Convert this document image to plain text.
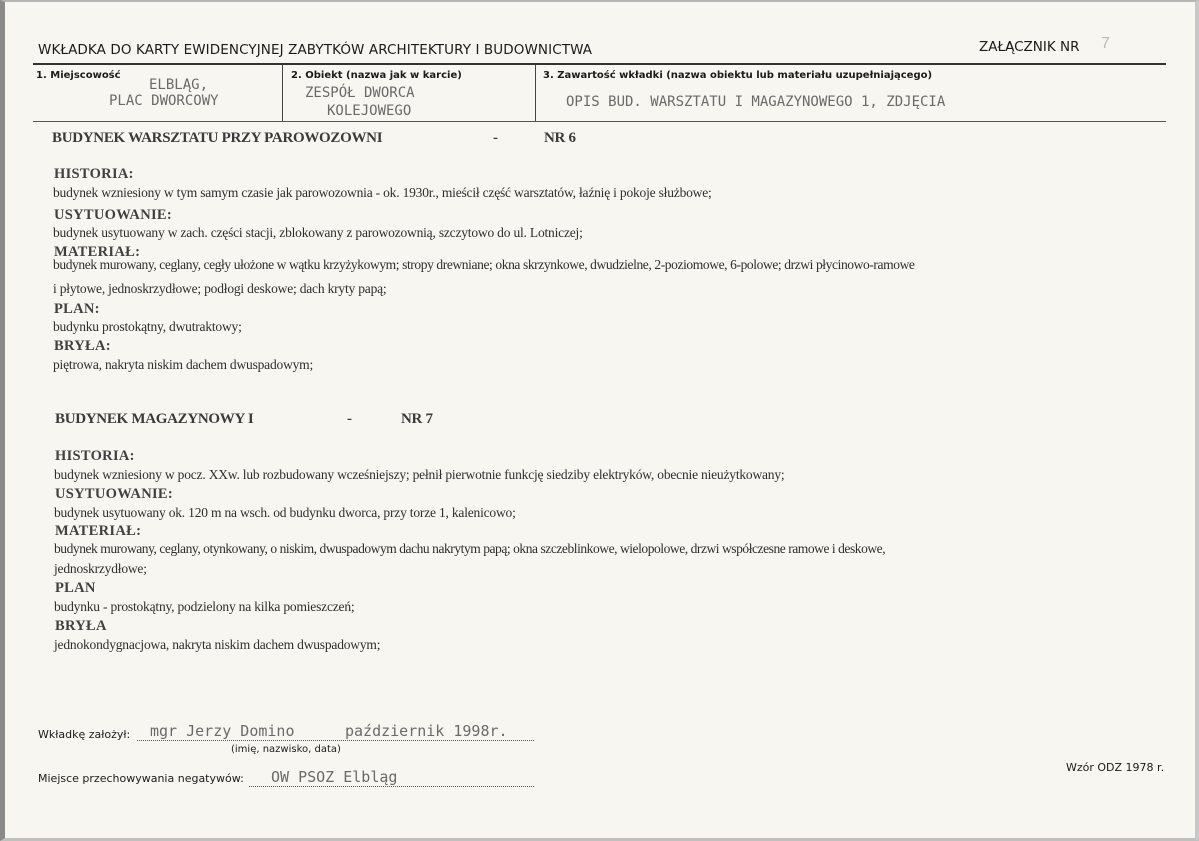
WKŁADKA DO KARTY EWIDENCYJNEJ ZABYTKÓW ARCHITEKTURY I BUDOWNICTWA	ZAŁĄCZNIK NR 7
1. Miejscowość
ELBLĄG,
PLAC DWORCOWY
2. Obiekt (nazwa jak w karcie)
ZESPÓŁ DWORCA
KOLEJOWEGO
3. Zawartość wkładki (nazwa obiektu lub materiału uzupełniającego)
OPIS BUD. WARSZTATU I MAGAZYNOWEGO 1, ZDJĘCIA
BUDYNEK WARSZTATU PRZY PAROWOZOWNI	-	NR 6
HISTORIA:
budynek wzniesiony w tym samym czasie jak parowozownia - ok. 1930r., mieścił część warsztatów, łaźnię i pokoje służbowe;
USYTUOWANIE:
budynek usytuowany w zach. części stacji, zblokowany z parowozownią, szczytowo do ul. Lotniczej;
MATERIAŁ:
budynek murowany, ceglany, cegły ułożone w wątku krzyżykowym; stropy drewniane; okna skrzynkowe, dwudzielne, 2-poziomowe, 6-polowe; drzwi płycinowo-ramowe
i płytowe, jednoskrzydłowe; podłogi deskowe; dach kryty papą;
PLAN:
budynku prostokątny, dwutraktowy;
BRYŁA:
piętrowa, nakryta niskim dachem dwuspadowym;
BUDYNEK MAGAZYNOWY I	-	NR 7
HISTORIA:
budynek wzniesiony w pocz. XXw. lub rozbudowany wcześniejszy; pełnił pierwotnie funkcję siedziby elektryków, obecnie nieużytkowany;
USYTUOWANIE:
budynek usytuowany ok. 120 m na wsch. od budynku dworca, przy torze 1, kalenicowo;
MATERIAŁ:
budynek murowany, ceglany, otynkowany, o niskim, dwuspadowym dachu nakrytym papą; okna szczeblinkowe, wielopolowe, drzwi współczesne ramowe i deskowe,
jednoskrzydłowe;
PLAN
budynku - prostokątny, podzielony na kilka pomieszczeń;
BRYŁA
jednokondygnacjowa, nakryta niskim dachem dwuspadowym;
Wkładkę założył: mgr Jerzy Domino	październik 1998r.
(imię, nazwisko, data)
Miejsce przechowywania negatywów: OW PSOZ Elbląg
Wzór ODZ 1978 r.
